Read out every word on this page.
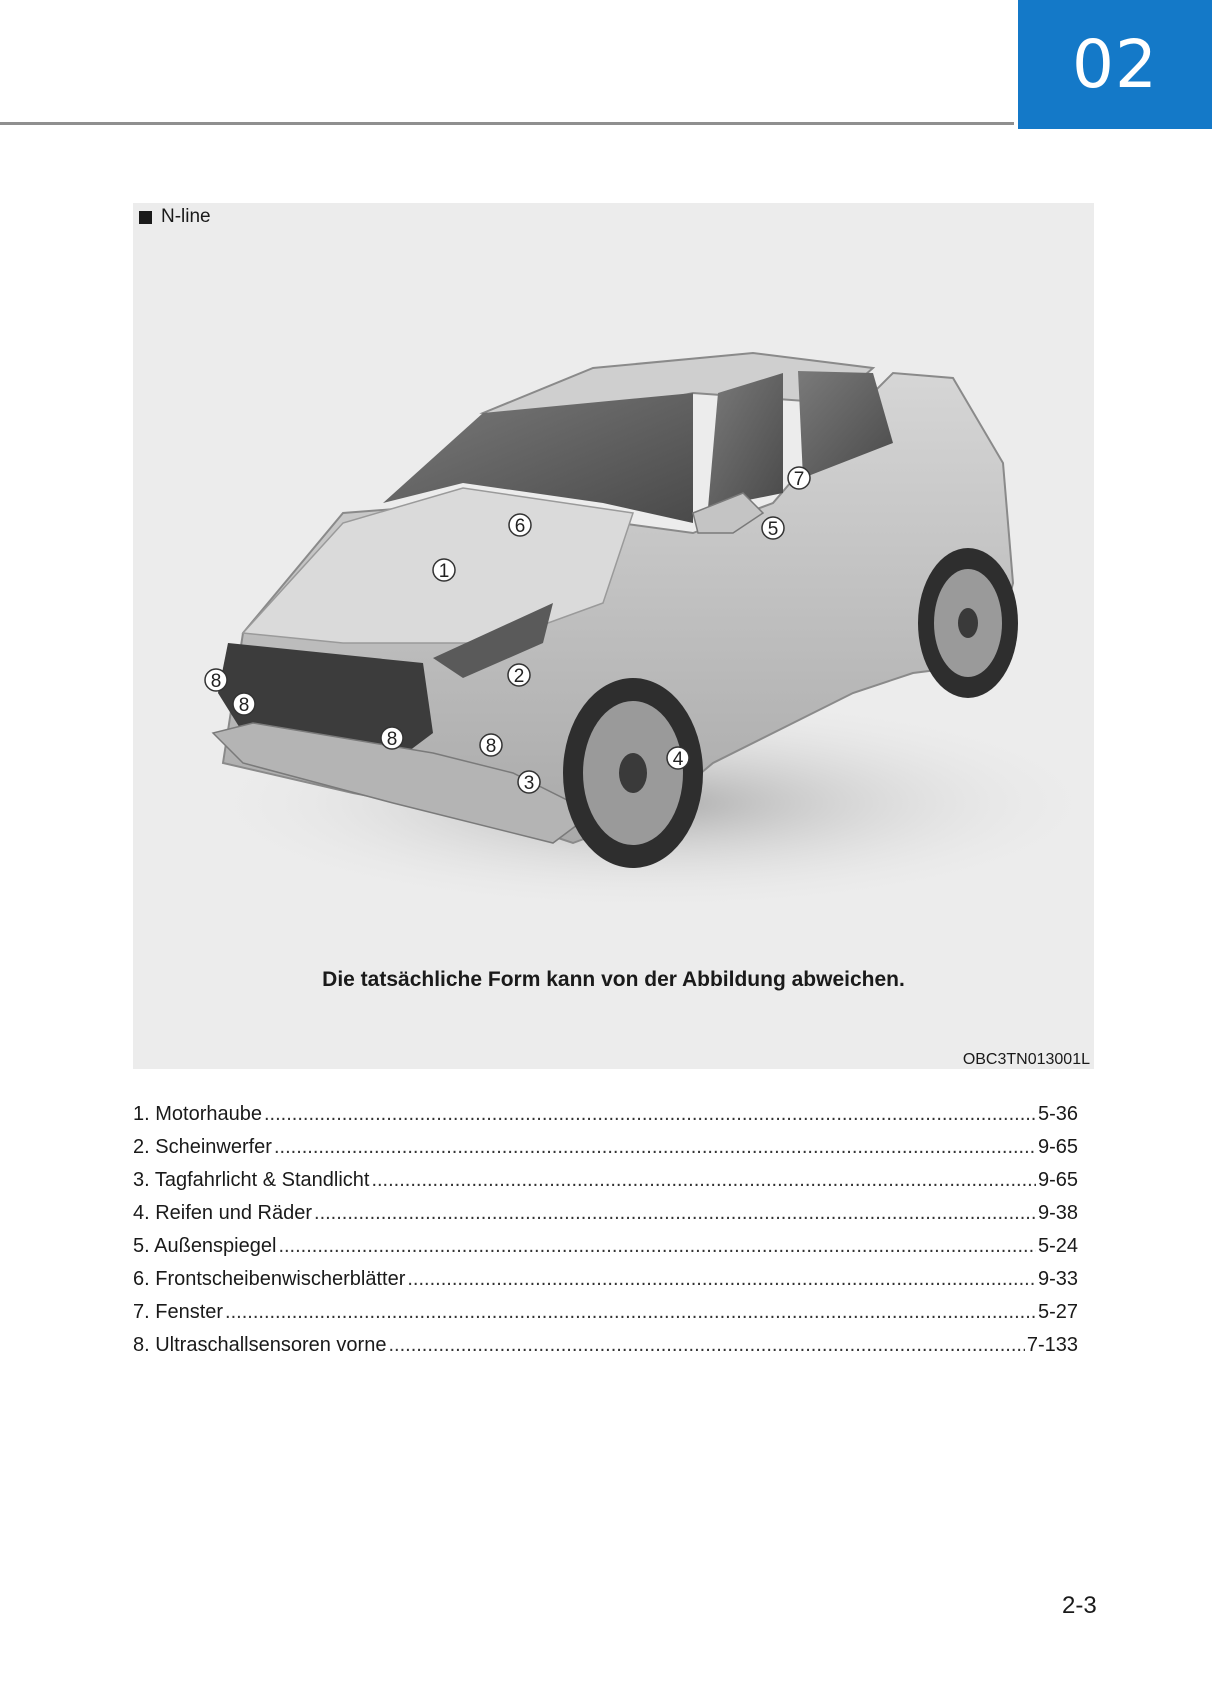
02
1
2
3
4
5
6
7
8
8
8	8
N-line
Die tatsächliche Form kann von der Abbildung abweichen.
OBC3TN013001L
1. Motorhaube .....	5-36
2. Scheinwerfer .....	9-65
3. Tagfahrlicht & Standlicht .....	9-65
4. Reifen und Räder .....	9-38
5. Außenspiegel .....	5-24
6. Frontscheibenwischerblätter .....	9-33
7. Fenster .....	5-27
8. Ultraschallsensoren vorne .....	7-133
2-3
